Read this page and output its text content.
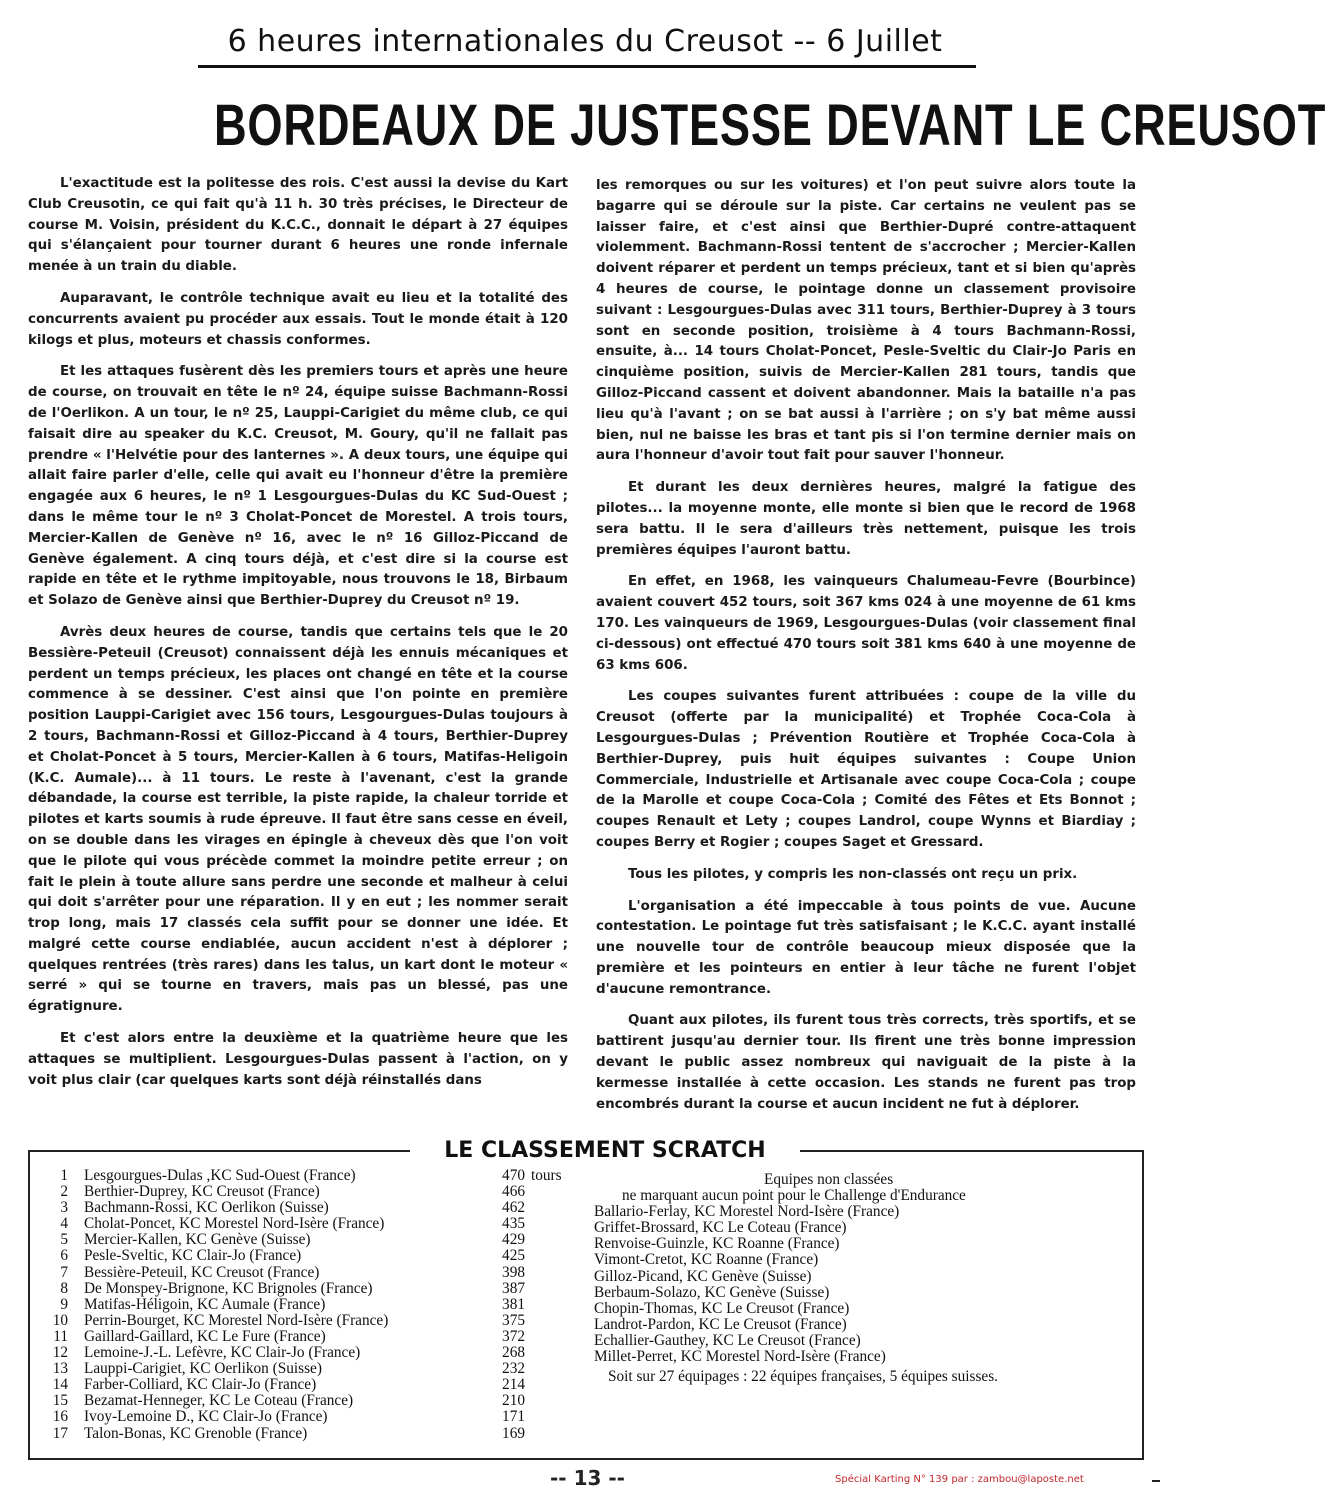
6 heures internationales du Creusot -- 6 Juillet
BORDEAUX DE JUSTESSE DEVANT LE CREUSOT

L'exactitude est la politesse des rois. C'est aussi la devise du Kart Club Creusotin, ce qui fait qu'à 11 h. 30 très précises, le Directeur de course M. Voisin, président du K.C.C., donnait le départ à 27 équipes qui s'élançaient pour tourner durant 6 heures une ronde infernale menée à un train du diable.

Auparavant, le contrôle technique avait eu lieu et la totalité des concurrents avaient pu procéder aux essais. Tout le monde était à 120 kilogs et plus, moteurs et chassis conformes.

Et les attaques fusèrent dès les premiers tours et après une heure de course, on trouvait en tête le nº 24, équipe suisse Bachmann-Rossi de l'Oerlikon. A un tour, le nº 25, Lauppi-Carigiet du même club, ce qui faisait dire au speaker du K.C. Creusot, M. Goury, qu'il ne fallait pas prendre « l'Helvétie pour des lanternes ». A deux tours, une équipe qui allait faire parler d'elle, celle qui avait eu l'honneur d'être la première engagée aux 6 heures, le nº 1 Lesgourgues-Dulas du KC Sud-Ouest ; dans le même tour le nº 3 Cholat-Poncet de Morestel. A trois tours, Mercier-Kallen de Genève nº 16, avec le nº 16 Gilloz-Piccand de Genève également. A cinq tours déjà, et c'est dire si la course est rapide en tête et le rythme impitoyable, nous trouvons le 18, Birbaum et Solazo de Genève ainsi que Berthier-Duprey du Creusot nº 19.

Avrès deux heures de course, tandis que certains tels que le 20 Bessière-Peteuil (Creusot) connaissent déjà les ennuis mécaniques et perdent un temps précieux, les places ont changé en tête et la course commence à se dessiner. C'est ainsi que l'on pointe en première position Lauppi-Carigiet avec 156 tours, Lesgourgues-Dulas toujours à 2 tours, Bachmann-Rossi et Gilloz-Piccand à 4 tours, Berthier-Duprey et Cholat-Poncet à 5 tours, Mercier-Kallen à 6 tours, Matifas-Heligoin (K.C. Aumale)... à 11 tours. Le reste à l'avenant, c'est la grande débandade, la course est terrible, la piste rapide, la chaleur torride et pilotes et karts soumis à rude épreuve. Il faut être sans cesse en éveil, on se double dans les virages en épingle à cheveux dès que l'on voit que le pilote qui vous précède commet la moindre petite erreur ; on fait le plein à toute allure sans perdre une seconde et malheur à celui qui doit s'arrêter pour une réparation. Il y en eut ; les nommer serait trop long, mais 17 classés cela suffit pour se donner une idée. Et malgré cette course endiablée, aucun accident n'est à déplorer ; quelques rentrées (très rares) dans les talus, un kart dont le moteur « serré » qui se tourne en travers, mais pas un blessé, pas une égratignure.

Et c'est alors entre la deuxième et la quatrième heure que les attaques se multiplient. Lesgourgues-Dulas passent à l'action, on y voit plus clair (car quelques karts sont déjà réinstallés dans

les remorques ou sur les voitures) et l'on peut suivre alors toute la bagarre qui se déroule sur la piste. Car certains ne veulent pas se laisser faire, et c'est ainsi que Berthier-Dupré contre-attaquent violemment. Bachmann-Rossi tentent de s'accrocher ; Mercier-Kallen doivent réparer et perdent un temps précieux, tant et si bien qu'après 4 heures de course, le pointage donne un classement provisoire suivant : Lesgourgues-Dulas avec 311 tours, Berthier-Duprey à 3 tours sont en seconde position, troisième à 4 tours Bachmann-Rossi, ensuite, à... 14 tours Cholat-Poncet, Pesle-Sveltic du Clair-Jo Paris en cinquième position, suivis de Mercier-Kallen 281 tours, tandis que Gilloz-Piccand cassent et doivent abandonner. Mais la bataille n'a pas lieu qu'à l'avant ; on se bat aussi à l'arrière ; on s'y bat même aussi bien, nul ne baisse les bras et tant pis si l'on termine dernier mais on aura l'honneur d'avoir tout fait pour sauver l'honneur.

Et durant les deux dernières heures, malgré la fatigue des pilotes... la moyenne monte, elle monte si bien que le record de 1968 sera battu. Il le sera d'ailleurs très nettement, puisque les trois premières équipes l'auront battu.

En effet, en 1968, les vainqueurs Chalumeau-Fevre (Bourbince) avaient couvert 452 tours, soit 367 kms 024 à une moyenne de 61 kms 170. Les vainqueurs de 1969, Lesgourgues-Dulas (voir classement final ci-dessous) ont effectué 470 tours soit 381 kms 640 à une moyenne de 63 kms 606.

Les coupes suivantes furent attribuées : coupe de la ville du Creusot (offerte par la municipalité) et Trophée Coca-Cola à Lesgourgues-Dulas ; Prévention Routière et Trophée Coca-Cola à Berthier-Duprey, puis huit équipes suivantes : Coupe Union Commerciale, Industrielle et Artisanale avec coupe Coca-Cola ; coupe de la Marolle et coupe Coca-Cola ; Comité des Fêtes et Ets Bonnot ; coupes Renault et Lety ; coupes Landrol, coupe Wynns et Biardiay ; coupes Berry et Rogier ; coupes Saget et Gressard.

Tous les pilotes, y compris les non-classés ont reçu un prix.

L'organisation a été impeccable à tous points de vue. Aucune contestation. Le pointage fut très satisfaisant ; le K.C.C. ayant installé une nouvelle tour de contrôle beaucoup mieux disposée que la première et les pointeurs en entier à leur tâche ne furent l'objet d'aucune remontrance.

Quant aux pilotes, ils furent tous très corrects, très sportifs, et se battirent jusqu'au dernier tour. Ils firent une très bonne impression devant le public assez nombreux qui naviguait de la piste à la kermesse installée à cette occasion. Les stands ne furent pas trop encombrés durant la course et aucun incident ne fut à déplorer.

LE CLASSEMENT SCRATCH
1 Lesgourgues-Dulas ,KC Sud-Ouest (France)	470 tours
2 Berthier-Duprey, KC Creusot (France)	466
3 Bachmann-Rossi, KC Oerlikon (Suisse)	462
4 Cholat-Poncet, KC Morestel Nord-Isère (France)	435
5 Mercier-Kallen, KC Genève (Suisse)	429
6 Pesle-Sveltic, KC Clair-Jo (France)	425
7 Bessière-Peteuil, KC Creusot (France)	398
8 De Monspey-Brignone, KC Brignoles (France)	387
9 Matifas-Héligoin, KC Aumale (France)	381
10 Perrin-Bourget, KC Morestel Nord-Isère (France)	375
11 Gaillard-Gaillard, KC Le Fure (France)	372
12 Lemoine-J.-L. Lefèvre, KC Clair-Jo (France)	268
13 Lauppi-Carigiet, KC Oerlikon (Suisse)	232
14 Farber-Colliard, KC Clair-Jo (France)	214
15 Bezamat-Henneger, KC Le Coteau (France)	210
16 Ivoy-Lemoine D., KC Clair-Jo (France)	171
17 Talon-Bonas, KC Grenoble (France)	169
Equipes non classées
ne marquant aucun point pour le Challenge d'Endurance
Ballario-Ferlay, KC Morestel Nord-Isère (France)
Griffet-Brossard, KC Le Coteau (France)
Renvoise-Guinzle, KC Roanne (France)
Vimont-Cretot, KC Roanne (France)
Gilloz-Picand, KC Genève (Suisse)
Berbaum-Solazo, KC Genève (Suisse)
Chopin-Thomas, KC Le Creusot (France)
Landrot-Pardon, KC Le Creusot (France)
Echallier-Gauthey, KC Le Creusot (France)
Millet-Perret, KC Morestel Nord-Isère (France)
Soit sur 27 équipages : 22 équipes françaises, 5 équipes suisses.
-- 13 --	Spécial Karting N° 139 par : zambou@laposte.net
